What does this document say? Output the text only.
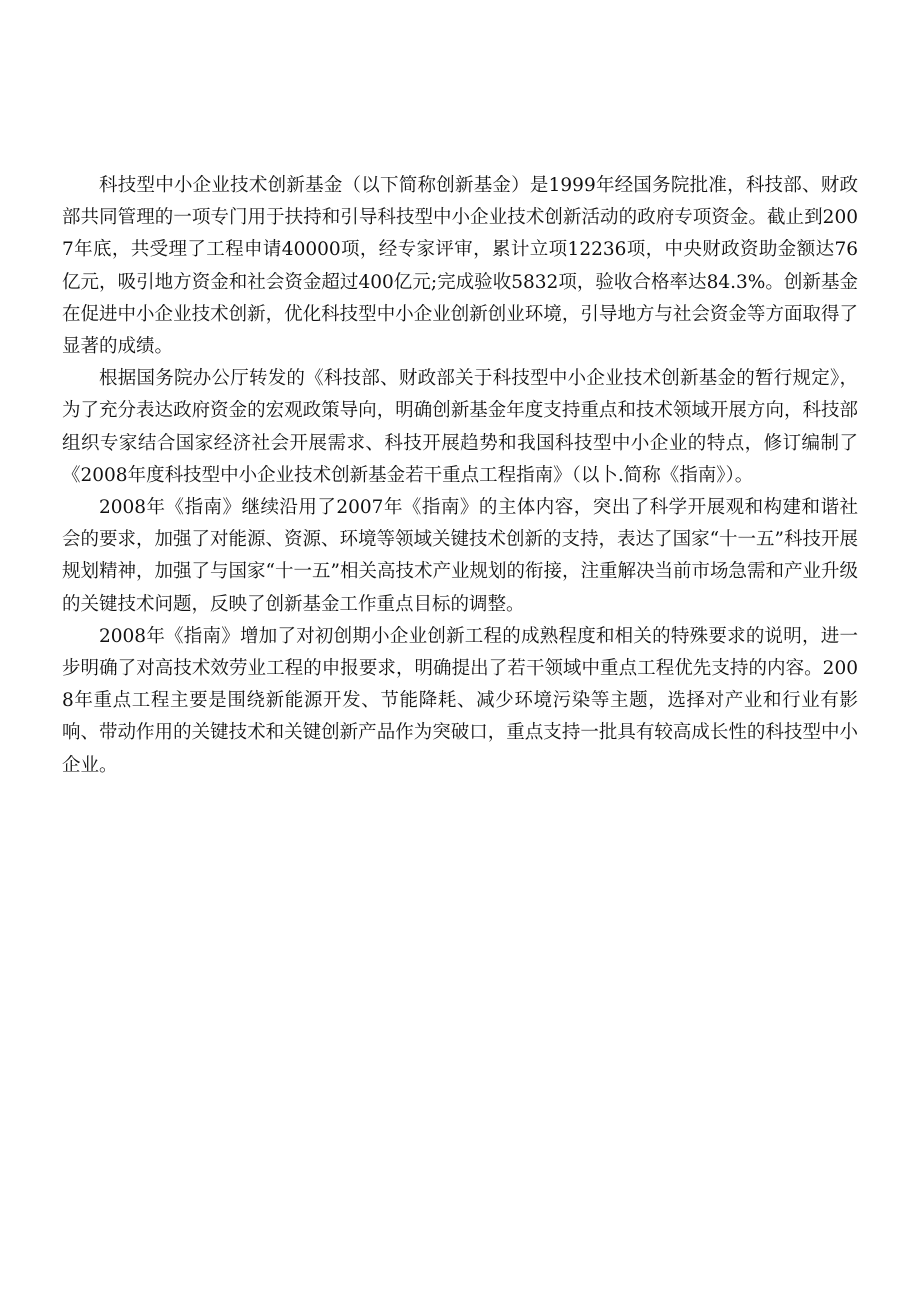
科技型中小企业技术创新基金（以下简称创新基金）是1999年经国务院批准，科技部、财政部共同管理的一项专门用于扶持和引导科技型中小企业技术创新活动的政府专项资金。截止到2007年底，共受理了工程申请40000项，经专家评审，累计立项12236项，中央财政资助金额达76亿元，吸引地方资金和社会资金超过400亿元;完成验收5832项，验收合格率达84.3%。创新基金在促进中小企业技术创新，优化科技型中小企业创新创业环境，引导地方与社会资金等方面取得了显著的成绩。

根据国务院办公厅转发的《科技部、财政部关于科技型中小企业技术创新基金的暂行规定》，为了充分表达政府资金的宏观政策导向，明确创新基金年度支持重点和技术领域开展方向，科技部组织专家结合国家经济社会开展需求、科技开展趋势和我国科技型中小企业的特点，修订编制了《2008年度科技型中小企业技术创新基金若干重点工程指南》（以卜.简称《指南》）。

2008年《指南》继续沿用了2007年《指南》的主体内容，突出了科学开展观和构建和谐社会的要求，加强了对能源、资源、环境等领域关键技术创新的支持，表达了国家“十一五”科技开展规划精神，加强了与国家“十一五”相关高技术产业规划的衔接，注重解决当前市场急需和产业升级的关键技术问题，反映了创新基金工作重点目标的调整。

2008年《指南》增加了对初创期小企业创新工程的成熟程度和相关的特殊要求的说明，进一步明确了对高技术效劳业工程的申报要求，明确提出了若干领域中重点工程优先支持的内容。2008年重点工程主要是围绕新能源开发、节能降耗、减少环境污染等主题，选择对产业和行业有影响、带动作用的关键技术和关键创新产品作为突破口，重点支持一批具有较高成长性的科技型中小企业。
